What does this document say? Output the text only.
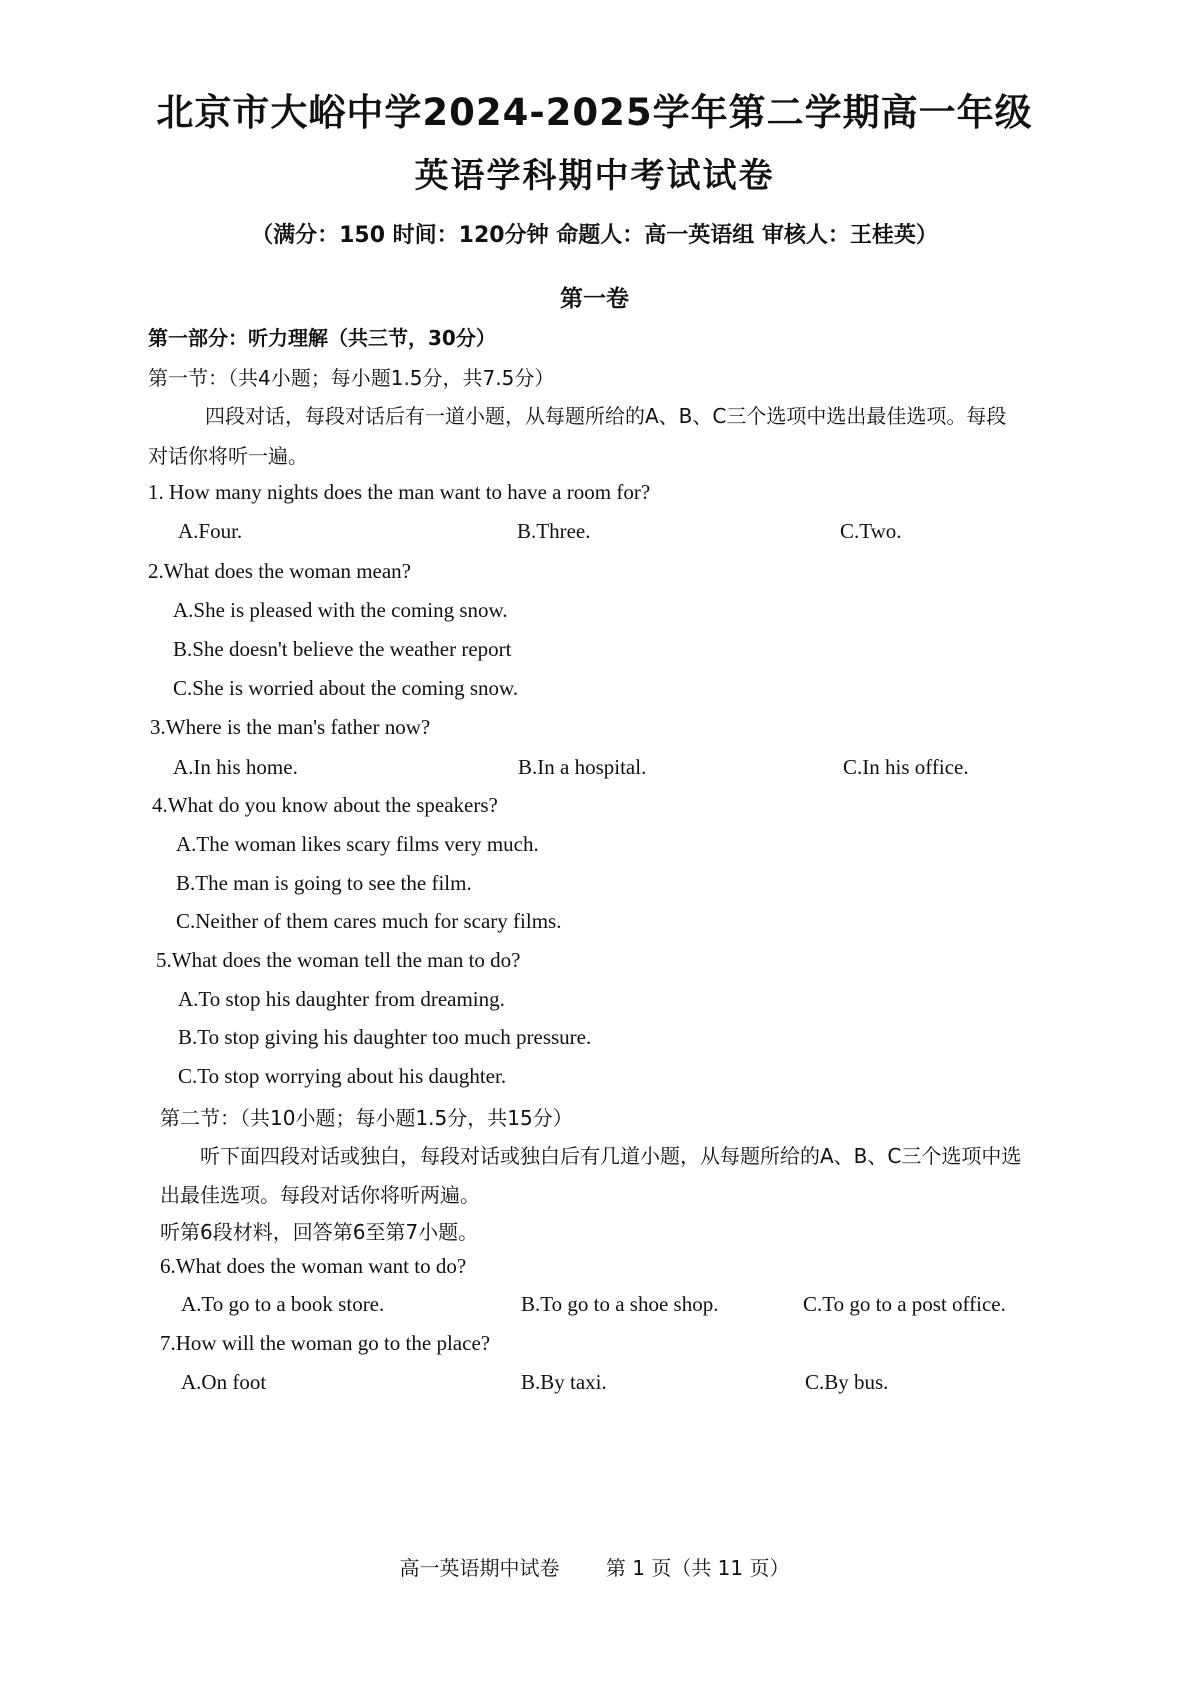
北京市大峪中学2024-2025学年第二学期高一年级
英语学科期中考试试卷
（满分：150 时间：120分钟 命题人：高一英语组 审核人：王桂英）
第一卷
第一部分：听力理解（共三节，30分）
第一节：（共4小题；每小题1.5分，共7.5分）
四段对话，每段对话后有一道小题，从每题所给的A、B、C三个选项中选出最佳选项。每段
对话你将听一遍。
1. How many nights does the man want to have a room for?
A.Four.	B.Three.	C.Two.
2.What does the woman mean?
A.She is pleased with the coming snow.
B.She doesn't believe the weather report
C.She is worried about the coming snow.
3.Where is the man's father now?
A.In his home.	B.In a hospital.	C.In his office.
4.What do you know about the speakers?
A.The woman likes scary films very much.
B.The man is going to see the film.
C.Neither of them cares much for scary films.
5.What does the woman tell the man to do?
A.To stop his daughter from dreaming.
B.To stop giving his daughter too much pressure.
C.To stop worrying about his daughter.
第二节：（共10小题；每小题1.5分，共15分）
听下面四段对话或独白，每段对话或独白后有几道小题，从每题所给的A、B、C三个选项中选
出最佳选项。每段对话你将听两遍。
听第6段材料，回答第6至第7小题。
6.What does the woman want to do?
A.To go to a book store.	B.To go to a shoe shop.	C.To go to a post office.
7.How will the woman go to the place?
A.On foot	B.By taxi.	C.By bus.
高一英语期中试卷 第 1 页（共 11 页）
